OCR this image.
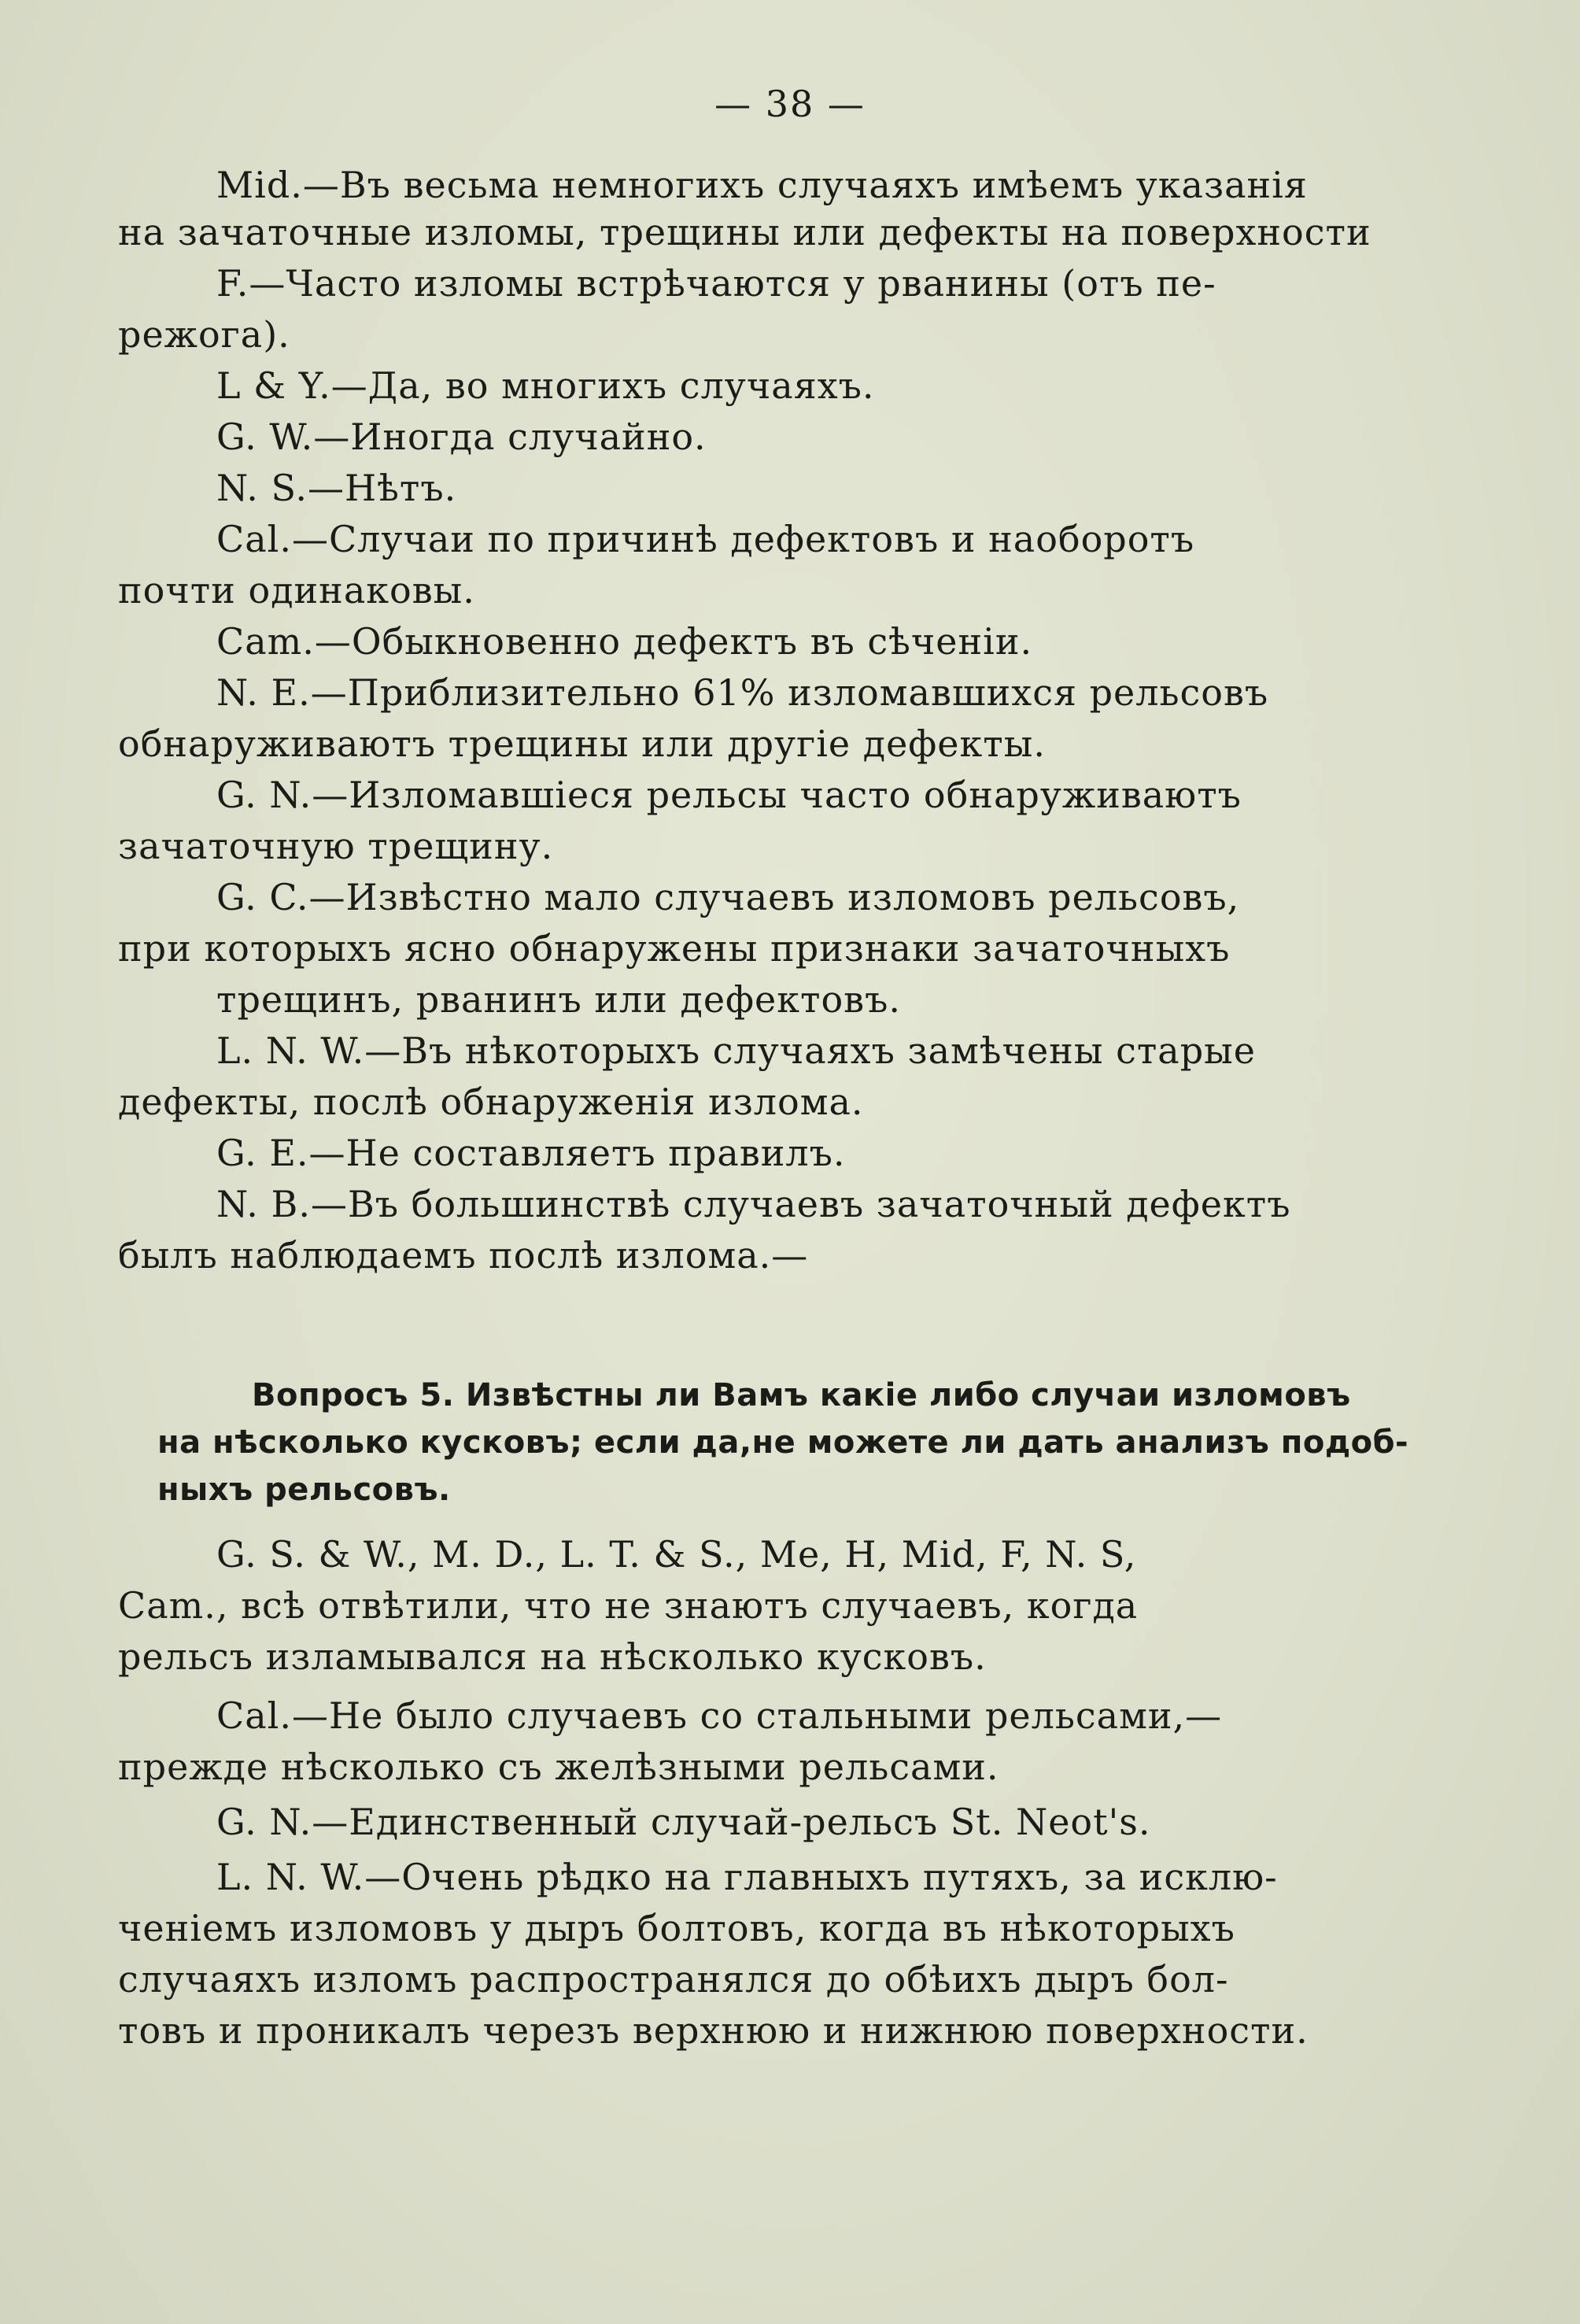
— 38 —
Mid.—Въ весьма немногихъ случаяхъ имѣемъ указанія
на зачаточные изломы, трещины или дефекты на поверхности
F.—Часто изломы встрѣчаются у рванины (отъ пе-
режога).
L & Y.—Да, во многихъ случаяхъ.
G. W.—Иногда случайно.
N. S.—Нѣтъ.
Cal.—Случаи по причинѣ дефектовъ и наоборотъ
почти одинаковы.
Cam.—Обыкновенно дефектъ въ сѣченіи.
N. E.—Приблизительно 61% изломавшихся рельсовъ
обнаруживаютъ трещины или другіе дефекты.
G. N.—Изломавшіеся рельсы часто обнаруживаютъ
зачаточную трещину.
G. C.—Извѣстно мало случаевъ изломовъ рельсовъ,
при которыхъ ясно обнаружены признаки зачаточныхъ
трещинъ, рванинъ или дефектовъ.
L. N. W.—Въ нѣкоторыхъ случаяхъ замѣчены старые
дефекты, послѣ обнаруженія излома.
G. E.—Не составляетъ правилъ.
N. B.—Въ большинствѣ случаевъ зачаточный дефектъ
былъ наблюдаемъ послѣ излома.—
Вопросъ 5. Извѣстны ли Вамъ какіе либо случаи изломовъ
на нѣсколько кусковъ; если да,не можете ли дать анализъ подоб-
ныхъ рельсовъ.
G. S. & W., M. D., L. T. & S., Me, H, Mid, F, N. S,
Cam., всѣ отвѣтили, что не знаютъ случаевъ, когда
рельсъ изламывался на нѣсколько кусковъ.
Cal.—Не было случаевъ со стальными рельсами,—
прежде нѣсколько съ желѣзными рельсами.
G. N.—Единственный случай-рельсъ St. Neot's.
L. N. W.—Очень рѣдко на главныхъ путяхъ, за исклю-
ченіемъ изломовъ у дыръ болтовъ, когда въ нѣкоторыхъ
случаяхъ изломъ распространялся до обѣихъ дыръ бол-
товъ и проникалъ черезъ верхнюю и нижнюю поверхности.
